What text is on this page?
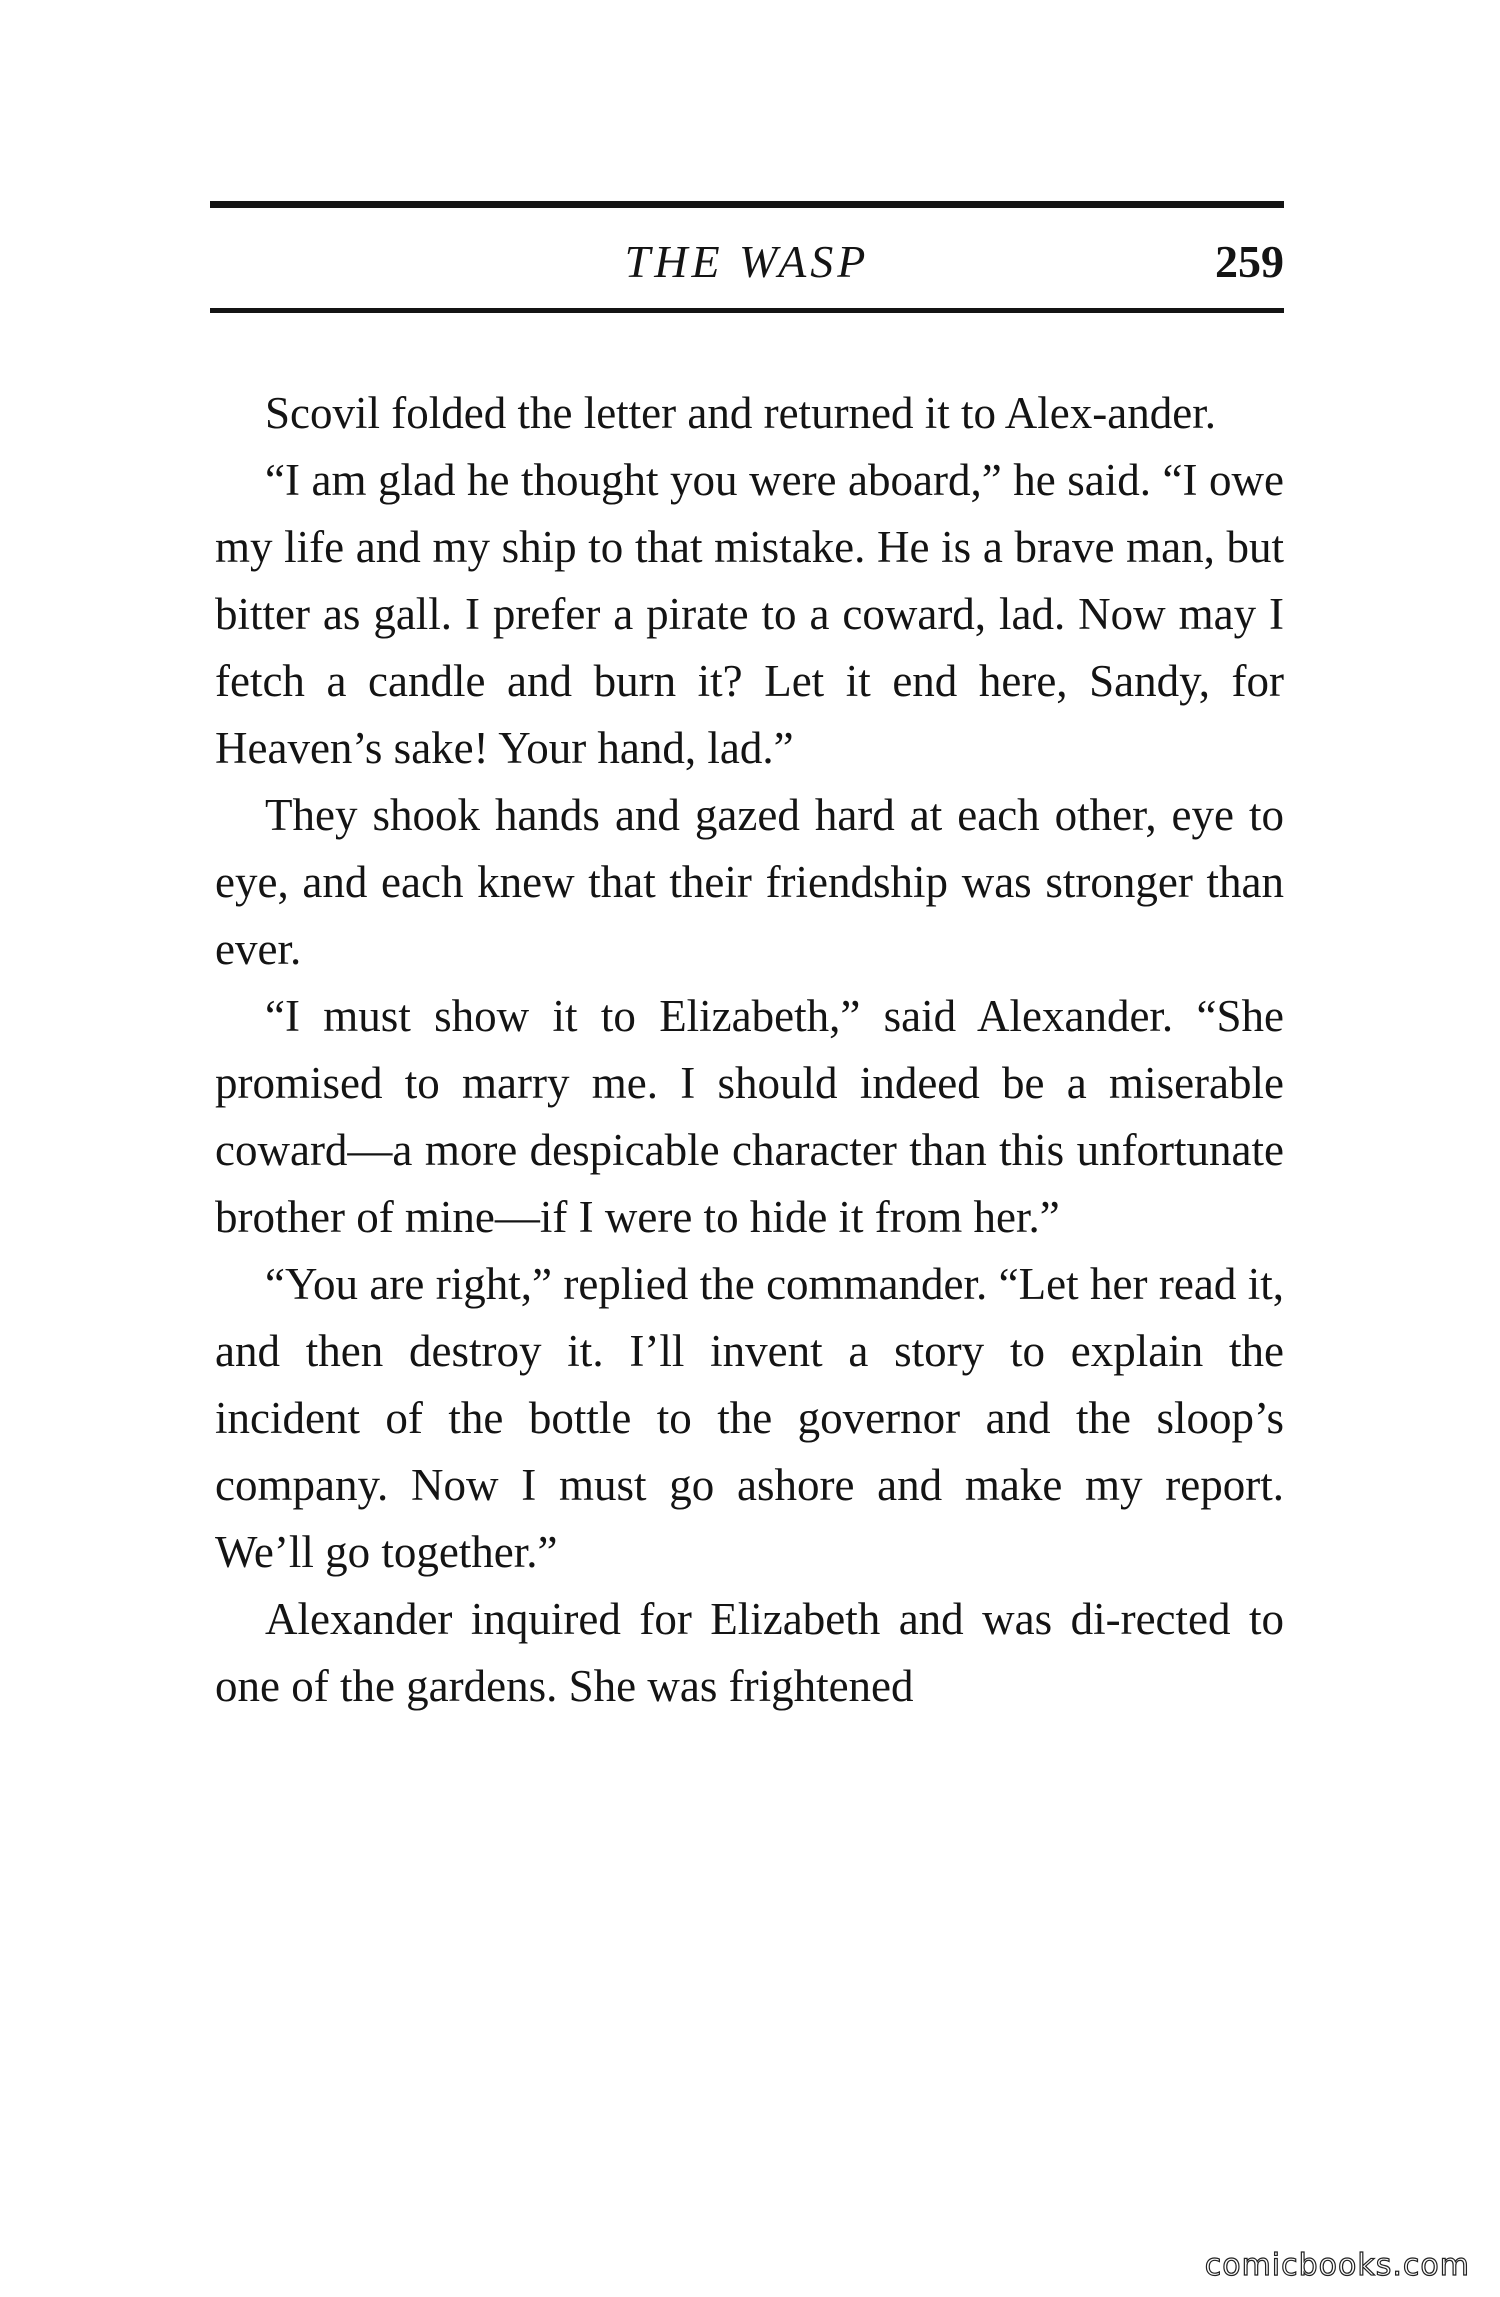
THE WASP	259

Scovil folded the letter and returned it to Alex-ander.

“I am glad he thought you were aboard,” he said. “I owe my life and my ship to that mistake. He is a brave man, but bitter as gall. I prefer a pirate to a coward, lad. Now may I fetch a candle and burn it? Let it end here, Sandy, for Heaven’s sake! Your hand, lad.”

They shook hands and gazed hard at each other, eye to eye, and each knew that their friendship was stronger than ever.

“I must show it to Elizabeth,” said Alexander. “She promised to marry me. I should indeed be a miserable coward—a more despicable character than this unfortunate brother of mine—if I were to hide it from her.”

“You are right,” replied the commander. “Let her read it, and then destroy it. I’ll invent a story to explain the incident of the bottle to the governor and the sloop’s company. Now I must go ashore and make my report. We’ll go together.”

Alexander inquired for Elizabeth and was di-rected to one of the gardens. She was frightened

comicbooks.com
